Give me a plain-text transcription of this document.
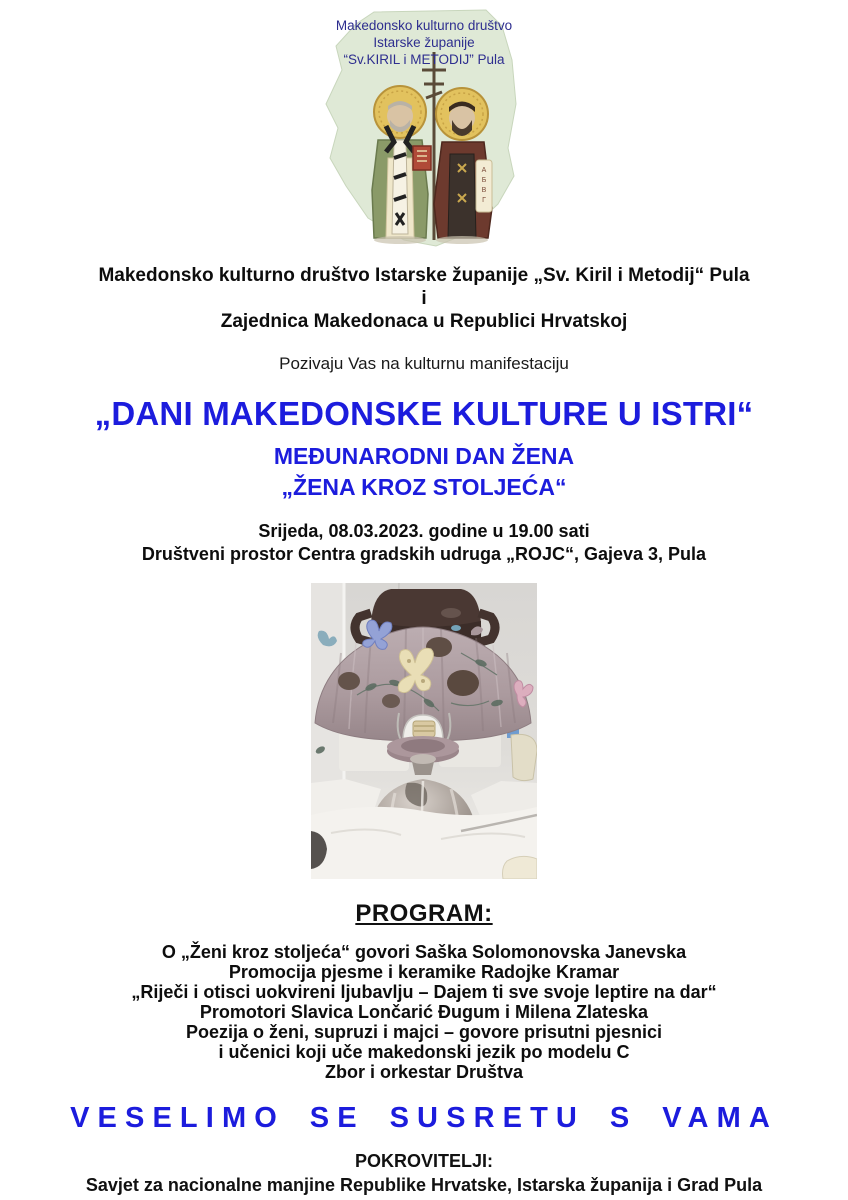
А
Б
В
Г
Makedonsko kulturno društvo
Istarske županije
“Sv.KIRIL i METODIJ” Pula
Makedonsko kulturno društvo Istarske županije „Sv. Kiril i Metodij“ Pula
i
Zajednica Makedonaca u Republici Hrvatskoj
Pozivaju Vas na kulturnu manifestaciju
„DANI MAKEDONSKE KULTURE U ISTRI“
MEĐUNARODNI DAN ŽENA
„ŽENA KROZ STOLJEĆA“
Srijeda, 08.03.2023. godine u 19.00 sati
Društveni prostor Centra gradskih udruga „ROJC“, Gajeva 3, Pula
PROGRAM:
O „Ženi kroz stoljeća“ govori Saška Solomonovska Janevska
Promocija pjesme i keramike Radojke Kramar
„Riječi i otisci uokvireni ljubavlju – Dajem ti sve svoje leptire na dar“
Promotori Slavica Lončarić Đugum i Milena Zlateska
Poezija o ženi, supruzi i majci – govore prisutni pjesnici
i učenici koji uče makedonski jezik po modelu C
Zbor i orkestar Društva
VESELIMO SE SUSRETU S VAMA
POKROVITELJI:
Savjet za nacionalne manjine Republike Hrvatske, Istarska županija i Grad Pula
